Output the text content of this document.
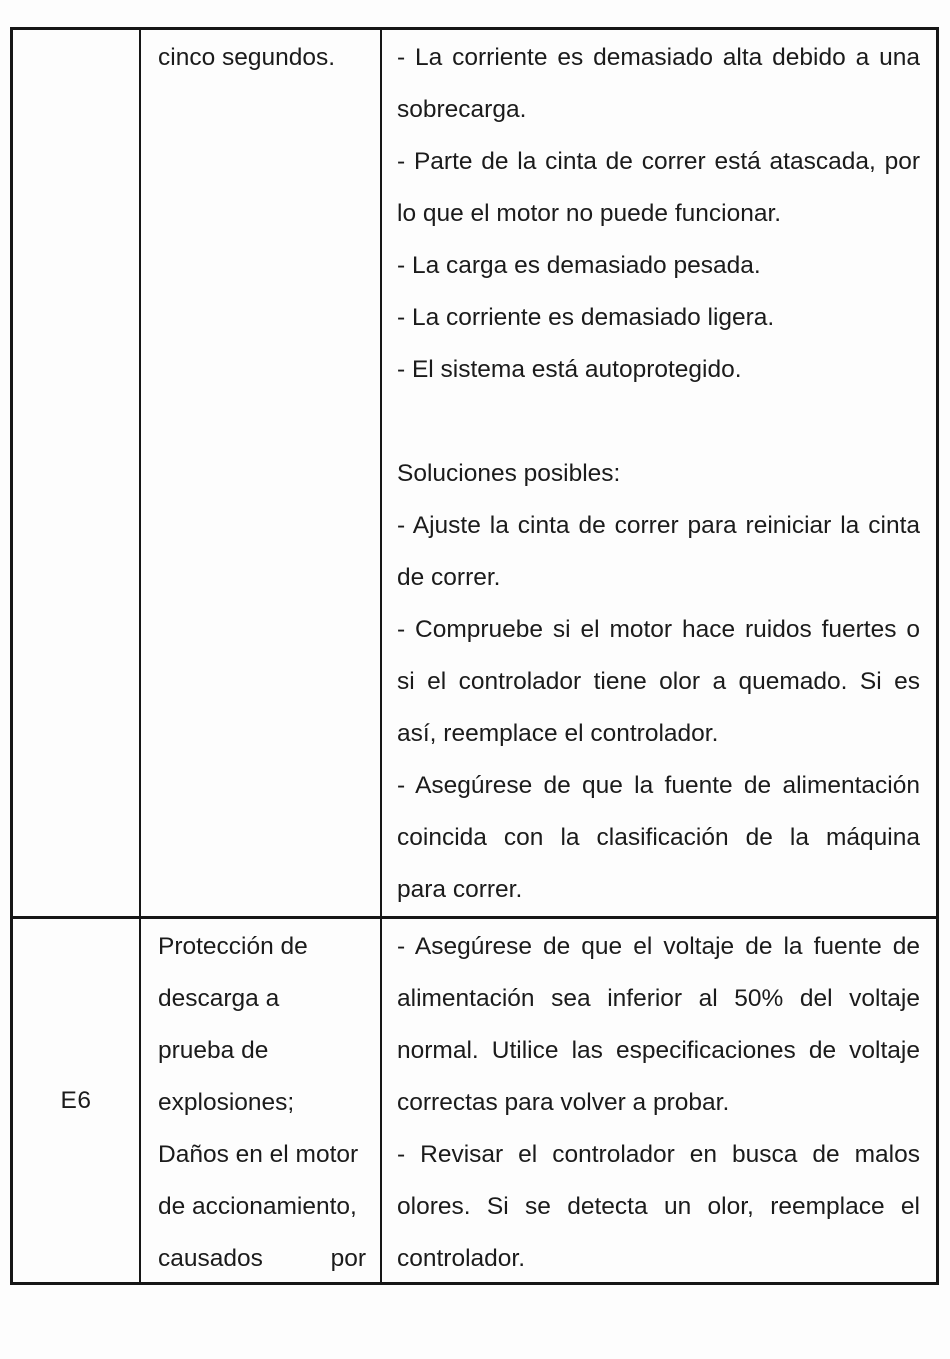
cinco segundos.	- La corriente es demasiado alta debido a una
sobrecarga.
- Parte de la cinta de correr está atascada, por
lo que el motor no puede funcionar.
- La carga es demasiado pesada.
- La corriente es demasiado ligera.
- El sistema está autoprotegido.
Soluciones posibles:
- Ajuste la cinta de correr para reiniciar la cinta
de correr.
- Compruebe si el motor hace ruidos fuertes o
si el controlador tiene olor a quemado. Si es
así, reemplace el controlador.
- Asegúrese de que la fuente de alimentación
coincida con la clasificación de la máquina
para correr.
E6
Protección de
descarga a
prueba de
explosiones;
Daños en el motor
de accionamiento,
causados por
- Asegúrese de que el voltaje de la fuente de
alimentación sea inferior al 50% del voltaje
normal. Utilice las especificaciones de voltaje
correctas para volver a probar.
- Revisar el controlador en busca de malos
olores. Si se detecta un olor, reemplace el
controlador.
